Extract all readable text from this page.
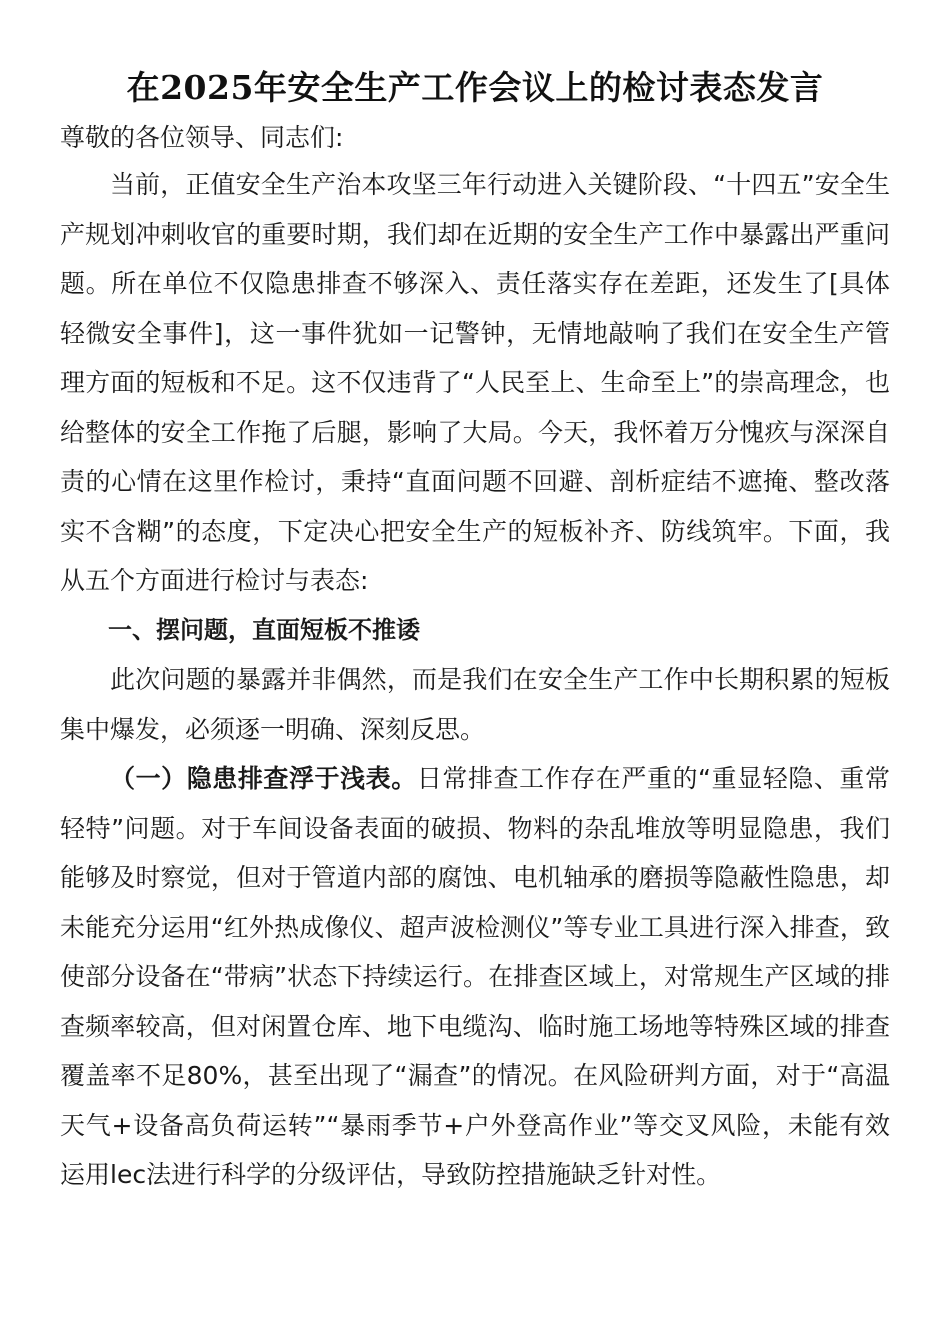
在2025年安全生产工作会议上的检讨表态发言
尊敬的各位领导、同志们:

当前，正值安全生产治本攻坚三年行动进入关键阶段、“十四五”安全生产规划冲刺收官的重要时期，我们却在近期的安全生产工作中暴露出严重问题。所在单位不仅隐患排查不够深入、责任落实存在差距，还发生了[具体轻微安全事件]，这一事件犹如一记警钟，无情地敲响了我们在安全生产管理方面的短板和不足。这不仅违背了“人民至上、生命至上”的崇高理念，也给整体的安全工作拖了后腿，影响了大局。今天，我怀着万分愧疚与深深自责的心情在这里作检讨，秉持“直面问题不回避、剖析症结不遮掩、整改落实不含糊”的态度，下定决心把安全生产的短板补齐、防线筑牢。下面，我从五个方面进行检讨与表态:

一、摆问题，直面短板不推诿

此次问题的暴露并非偶然，而是我们在安全生产工作中长期积累的短板集中爆发，必须逐一明确、深刻反思。

（一）隐患排查浮于浅表。日常排查工作存在严重的“重显轻隐、重常轻特”问题。对于车间设备表面的破损、物料的杂乱堆放等明显隐患，我们能够及时察觉，但对于管道内部的腐蚀、电机轴承的磨损等隐蔽性隐患，却未能充分运用“红外热成像仪、超声波检测仪”等专业工具进行深入排查，致使部分设备在“带病”状态下持续运行。在排查区域上，对常规生产区域的排查频率较高，但对闲置仓库、地下电缆沟、临时施工场地等特殊区域的排查覆盖率不足80%，甚至出现了“漏查”的情况。在风险研判方面，对于“高温天气+设备高负荷运转”“暴雨季节+户外登高作业”等交叉风险，未能有效运用lec法进行科学的分级评估，导致防控措施缺乏针对性。
